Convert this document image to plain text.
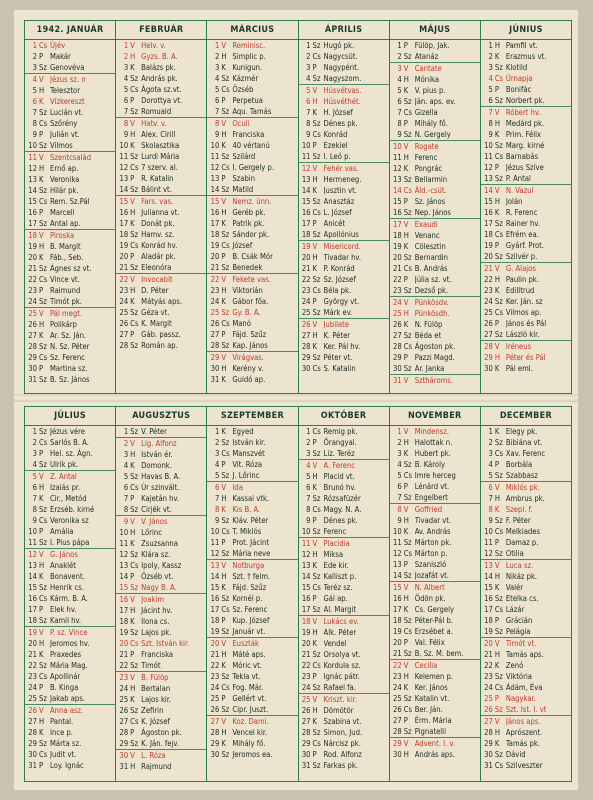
1942. JANUÁR
1 Cs Újév
2 P Makár
3 Sz Genovéva
4 V Jézus sz. n
5 H Telesztor
6 K Vízkereszt
7 Sz Lucián vt.
8 Cs Szőrény
9 P Julián vt.
10 Sz Vilmos
11 V Szentcsalád
12 H Ernő ap.
13 K Veronika
14 Sz Hilár pk.
15 Cs Rem. Sz.Pál
16 P Marcell
17 Sz Antal ap.
18 V Piroska
19 H B. Margit
20 K Fáb., Seb.
21 Sz Ágnes sz vt.
22 Cs Vince vt.
23 P Raimund
24 Sz Timót pk.
25 V Pál megt.
26 H Polikárp
27 K Ar. Sz. Ján.
28 Sz N. Sz. Péter
29 Cs Sz. Ferenc
30 P Martina sz.
31 Sz B. Sz. János
FEBRUÁR
1 V Helv. v.
2 H Gyzs. B. A.
3 K Balázs pk.
4 Sz András pk.
5 Cs Ágota sz.vt.
6 P Dorottya vt.
7 Sz Romuald
8 V Hatv. v.
9 H Alex. Cirill
10 K Skolasztika
11 Sz Lurdi Mária
12 Cs 7 szerv. al.
13 P R. Katalin
14 Sz Bálint vt.
15 V Fars. vas.
16 H Julianna vt.
17 K Donát pk.
18 Sz Hamv. sz.
19 Cs Konrád hv.
20 P Aladár pk.
21 Sz Eleonóra
22 V Invocabit
23 H D. Péter
24 K Mátyás aps.
25 Sz Géza vt.
26 Cs K. Margit
27 P Gáb. passz.
28 Sz Román ap.
MÁRCIUS
1 V Reminisc.
2 H Simplic p.
3 K Kunigun.
4 Sz Kázmér
5 Cs Özséb
6 P Perpetua
7 Sz Aqu. Tamás
8 V Oculi
9 H Franciska
10 K 40 vértanú
11 Sz Szilárd
12 Cs I. Gergely p.
13 P Szabin
14 Sz Matild
15 V Nemz. ünn.
16 H Geréb pk.
17 K Patrik pk.
18 Sz Sándor pk.
19 Cs József
20 P B. Csák Mór
21 Sz Benedek
22 V Fekete vas.
23 H Viktorián
24 K Gábor főa.
25 Sz Gy. B. A.
26 Cs Manó
27 P Fájd. Szűz
28 Sz Kap. János
29 V Virágvas.
30 H Kerény v.
31 K Guidó ap.
ÁPRILIS
1 Sz Hugó pk.
2 Cs Nagycsüt.
3 P Nagypént.
4 Sz Nagyszom.
5 V Húsvétvas.
6 H Húsvéthét.
7 K H. József
8 Sz Dénes pk.
9 Cs Konrád
10 P Ezekiel
11 Sz I. Leó p.
12 V Fehér vas.
13 H Hermeneg.
14 K Jusztin vt.
15 Sz Anasztáz
16 Cs L. József
17 P Anicét
18 Sz Apollónius
19 V Misericord.
20 H Tivadar hv.
21 K P. Konrád
22 Sz Sz. József
23 Cs Béla pk.
24 P György vt.
25 Sz Márk ev.
26 V Jubilate
27 H K. Péter
28 K Ker. Pál hv.
29 Sz Péter vt.
30 Cs S. Katalin
MÁJUS
1 P Fülöp, Jak.
2 Sz Atanáz
3 V Cantate
4 H Mónika
5 K V. pius p.
6 Sz Ján. aps. ev.
7 Cs Gizella
8 P Mihály fő.
9 Sz N. Gergely
10 V Rogate
11 H Ferenc
12 K Pongrác
13 Sz Bellarmin
14 Cs Áld.-csüt.
15 P Sz. János
16 Sz Nep. János
17 V Exaudi
18 H Venanc
19 K Cölesztin
20 Sz Bernardin
21 Cs B. András
22 P Júlia sz. vt.
23 Sz Dezső pk.
24 V Pünkösdv.
25 H Pünkösdh.
26 K N. Fülöp
27 Sz Béda et
28 Cs Ágoston pk.
29 P Pazzi Magd.
30 Sz Ar. Janka
31 V Szthároms.
JÚNIUS
1 H Pamfil vt.
2 K Erazmus vt.
3 Sz Klotild
4 Cs Úrnapja
5 P Bonifác
6 Sz Norbert pk.
7 V Róbert hv.
8 H Medárd pk.
9 K Prim. Félix
10 Sz Marg. kirné
11 Cs Barnabás
12 P Jézus Szíve
13 Sz P. Antal
14 V N. Vazul
15 H Jolán
16 K R. Ferenc
17 Sz Rainer hv.
18 Cs Efrém ea.
19 P Gyárf. Prot.
20 Sz Szilvér p.
21 V G. Alajos
22 H Paulin pk.
23 K Edilltrud
24 Sz Ker. Ján. sz
25 Cs Vilmos ap.
26 P János és Pál
27 Sz László kir.
28 V Iréneus
29 H Péter és Pál
30 K Pál eml.
JÚLIUS
1 Sz Jézus vére
2 Cs Sarlós B. A.
3 P Hel. sz. Ágn.
4 Sz Ulrik pk.
5 V Z. Antal
6 H Izaiás pr.
7 K Cir., Metód
8 Sz Erzséb. kirné
9 Cs Veronika sz
10 P Amália
11 Sz I. Pius pápa
12 V G. János
13 H Anaklét
14 K Bonavent.
15 Sz Henrik cs.
16 Cs Kárm. B. A.
17 P Elek hv.
18 Sz Kamil hv.
19 V P. sz. Vince
20 H Jeromos hv.
21 K Praxedes
22 Sz Mária Mag.
23 Cs Apollinár
24 P B. Kinga
25 Sz Jakab aps.
26 V Anna asz.
27 H Pantal.
28 K Ince p.
29 Sz Márta sz.
30 Cs Judit vt.
31 P Loy. Ignác
AUGUSZTUS
1 Sz V. Péter
2 V Lig. Alfonz
3 H István ér.
4 K Domonk.
5 Sz Havas B. A.
6 Cs Úr szinvált.
7 P Kajetán hv.
8 Sz Cirjék vt.
9 V V. János
10 H Lőrinc
11 K Zsuzsanna
12 Sz Klára sz.
13 Cs Ipoly, Kassz
14 P Özséb vt.
15 Sz Nagy B. A.
16 V Joakim
17 H Jácint hv.
18 K Ilona cs.
19 Sz Lajos pk.
20 Cs Szt. István kir.
21 P Franciska
22 Sz Timót
23 V B. Fülöp
24 H Bertalan
25 K Lajos kir.
26 Sz Zefirin
27 Cs K. József
28 P Ágoston pk.
29 Sz K. Ján. fejv.
30 V L. Róza
31 H Rajmund
SZEPTEMBER
1 K Egyed
2 Sz István kir.
3 Cs Manszvét
4 P Vit. Róza
5 Sz J. Lőrinc
6 V Ida
7 H Kassai vtk.
8 K Kis B. A.
9 Sz Kláv. Péter
10 Cs T. Miklós
11 P Prot. Jácint
12 Sz Mária neve
13 V Notburga
14 H Szt. † felm.
15 K Fájd. Szűz
16 Sz Kornél p.
17 Cs Sz. Ferenc
18 P Kup. József
19 Sz Január vt.
20 V Euszták
21 H Máté aps.
22 K Móric vt.
23 Sz Tekla vt.
24 Cs Fog. Már.
25 P Gellért vt.
26 Sz Cipr. Juszt.
27 V Koz. Dami.
28 H Vencel kir.
29 K Mihály fő.
30 Sz Jeromos ea.
OKTÓBER
1 Cs Remig pk.
2 P Őrangyal.
3 Sz Liz. Teréz
4 V A. Ferenc
5 H Placid vt.
6 K Brunó hv.
7 Sz Rózsafüzér
8 Cs Magy. N. A.
9 P Dénes pk.
10 Sz Ferenc
11 V Placidia
12 H Miksa
13 K Ede kir.
14 Sz Kalliszt p.
15 Cs Teréz sz.
16 P Gál ap.
17 Sz Al. Margit
18 V Lukács ev.
19 H Alk. Péter
20 K Vendel
21 Sz Orsolya vt.
22 Cs Kordula sz.
23 P Ignác pátr.
24 Sz Rafael fa.
25 V Kriszt. kir.
26 H Dömötör
27 K Szabina vt.
28 Sz Simon, Jud.
29 Cs Nárcisz pk.
30 P Rod. Alfonz
31 Sz Farkas pk.
NOVEMBER
1 V Mindensz.
2 H Halottak n.
3 K Hubert pk.
4 Sz B. Károly
5 Cs Imre herceg
6 P Lénárd vt.
7 Sz Engelbert
8 V Goffried
9 H Tivadar vt.
10 K Av. András
11 Sz Márton pk.
12 Cs Márton p.
13 P Szaniszló
14 Sz Jozafát vt.
15 V N. Albert
16 H Ödön pk.
17 K Cs. Gergely
18 Sz Péter-Pál b.
19 Cs Erzsébet a.
20 P Val. Félix
21 Sz B. Sz. M. bem.
22 V Cecília
23 H Kelemen p.
24 K Ker. János
25 Sz Katalin vt.
26 Cs Ber. Ján.
27 P Érm. Mária
28 Sz Pignatelli
29 V Advent. I. v.
30 H András aps.
DECEMBER
1 K Elegy pk.
2 Sz Bibiána vt.
3 Cs Xav. Ferenc
4 P Borbála
5 Sz Szabbasz
6 V Miklós pk.
7 H Ambrus pk.
8 K Szepl. f.
9 Sz F. Péter
10 Cs Melkiades
11 P Damaz p.
12 Sz Otilia
13 V Luca sz.
14 H Nikáz pk.
15 K Valér
16 Sz Etelka cs.
17 Cs Lázár
18 P Grácián
19 Sz Pelágia
20 V Timót vt.
21 H Tamás aps.
22 K Zenó
23 Sz Viktória
24 Cs Ádám, Éva
25 P Nagykar.
26 Sz Szt. Ist. I. vt
27 V János aps.
28 H Aprószent.
29 K Tamás pk.
30 Sz Dávid
31 Cs Szilveszter
